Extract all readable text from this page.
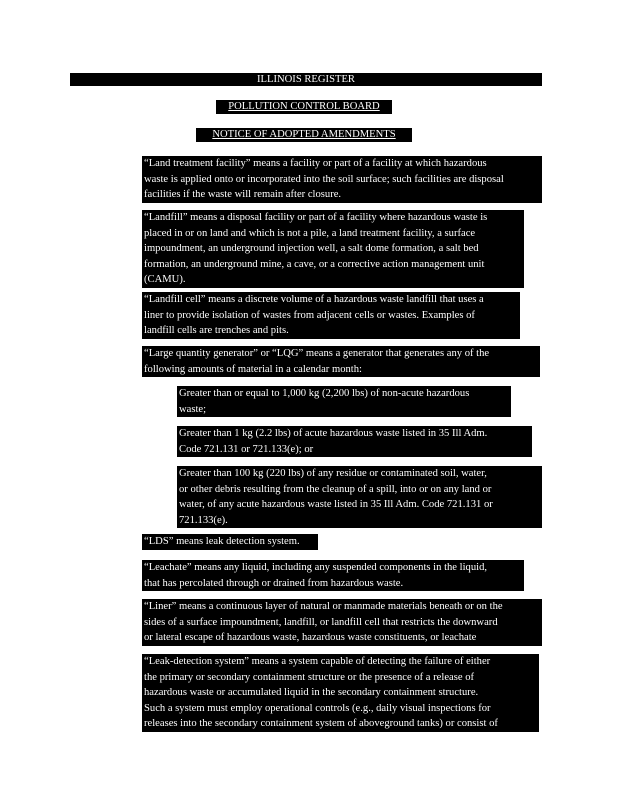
ILLINOIS REGISTER
POLLUTION CONTROL BOARD
NOTICE OF ADOPTED AMENDMENTS
“Land treatment facility” means a facility or part of a facility at which hazardous
waste is applied onto or incorporated into the soil surface; such facilities are disposal
facilities if the waste will remain after closure.
“Landfill” means a disposal facility or part of a facility where hazardous waste is
placed in or on land and which is not a pile, a land treatment facility, a surface
impoundment, an underground injection well, a salt dome formation, a salt bed
formation, an underground mine, a cave, or a corrective action management unit
(CAMU).
“Landfill cell” means a discrete volume of a hazardous waste landfill that uses a
liner to provide isolation of wastes from adjacent cells or wastes. Examples of
landfill cells are trenches and pits.
“Large quantity generator” or “LQG” means a generator that generates any of the
following amounts of material in a calendar month:
Greater than or equal to 1,000 kg (2,200 lbs) of non-acute hazardous
waste;
Greater than 1 kg (2.2 lbs) of acute hazardous waste listed in 35 Ill Adm.
Code 721.131 or 721.133(e); or
Greater than 100 kg (220 lbs) of any residue or contaminated soil, water,
or other debris resulting from the cleanup of a spill, into or on any land or
water, of any acute hazardous waste listed in 35 Ill Adm. Code 721.131 or
721.133(e).
“LDS” means leak detection system.
“Leachate” means any liquid, including any suspended components in the liquid,
that has percolated through or drained from hazardous waste.
“Liner” means a continuous layer of natural or manmade materials beneath or on the
sides of a surface impoundment, landfill, or landfill cell that restricts the downward
or lateral escape of hazardous waste, hazardous waste constituents, or leachate
“Leak-detection system” means a system capable of detecting the failure of either
the primary or secondary containment structure or the presence of a release of
hazardous waste or accumulated liquid in the secondary containment structure.
Such a system must employ operational controls (e.g., daily visual inspections for
releases into the secondary containment system of aboveground tanks) or consist of
